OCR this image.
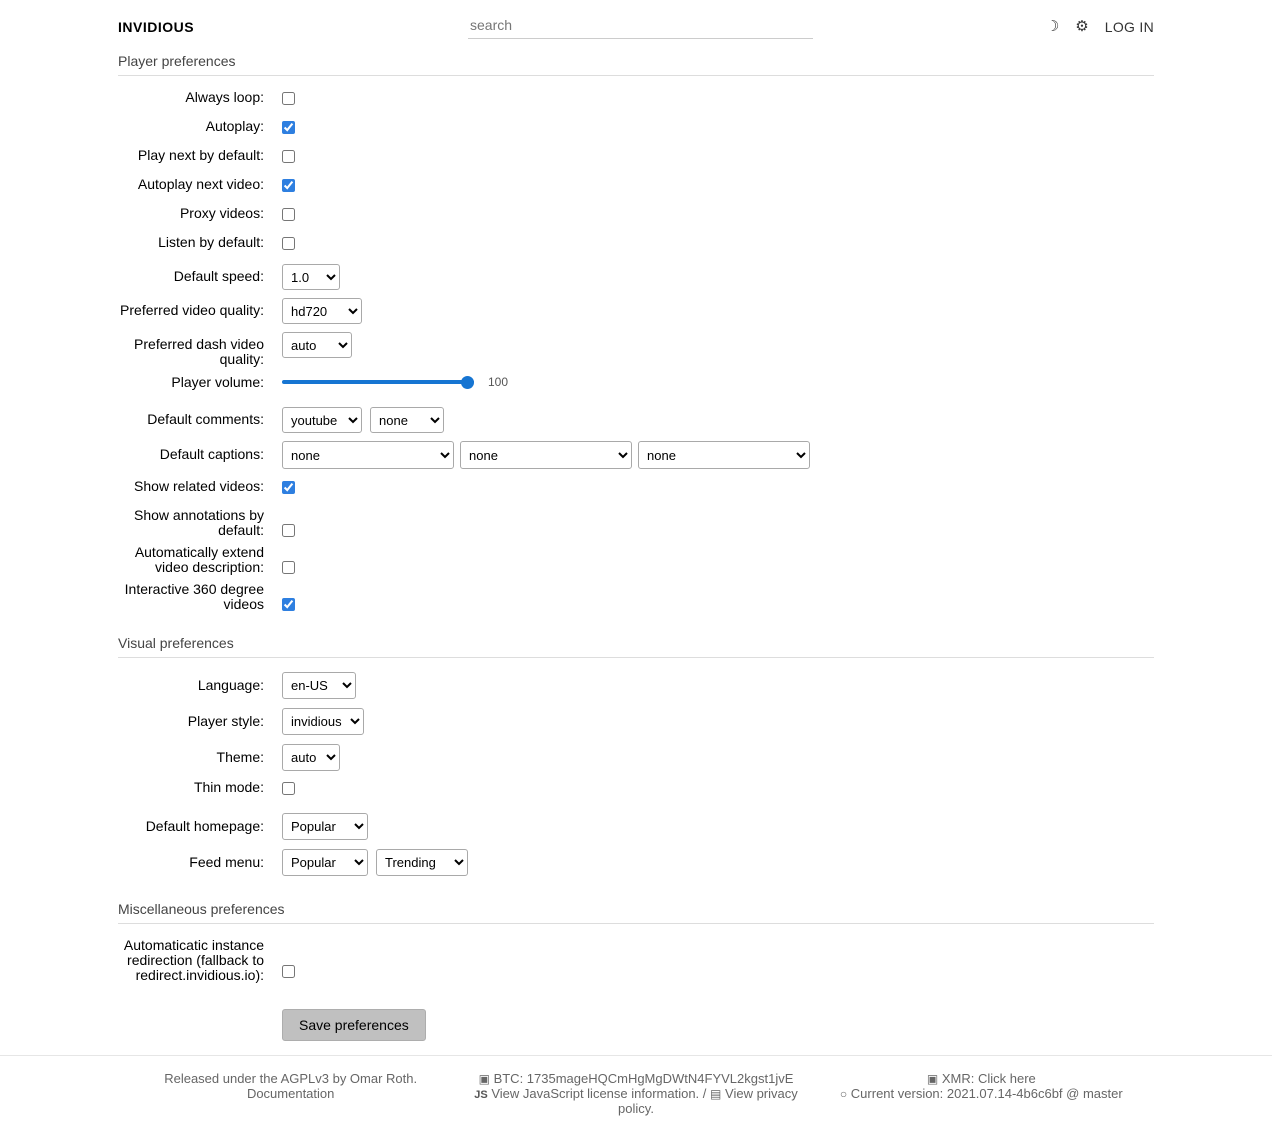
INVIDIOUS
search	☽ ⚙ LOG IN
Player preferences
Always loop:
Autoplay:
Play next by default:
Autoplay next video:
Proxy videos:
Listen by default:
Default speed:
1.0
Preferred video quality:
hd720
Preferred dash video quality:
auto
Player volume:	100
Default comments:
youtube
none
Default captions:
none
none
none
Show related videos:
Show annotations by default:
Automatically extend video description:
Interactive 360 degree videos
Visual preferences
Language:
en-US
Player style:
invidious
Theme:
auto
Thin mode:
Default homepage:
Popular
Feed menu:
Popular
Trending
Miscellaneous preferences
Automaticatic instance redirection (fallback to redirect.invidious.io):
Save preferences
Released under the AGPLv3 by Omar Roth.
Documentation
▣ BTC: 1735mageHQCmHgMgDWtN4FYVL2kgst1jvE
JS View JavaScript license information. / ▤ View privacy policy.
▣ XMR: Click here
○ Current version: 2021.07.14-4b6c6bf @ master
